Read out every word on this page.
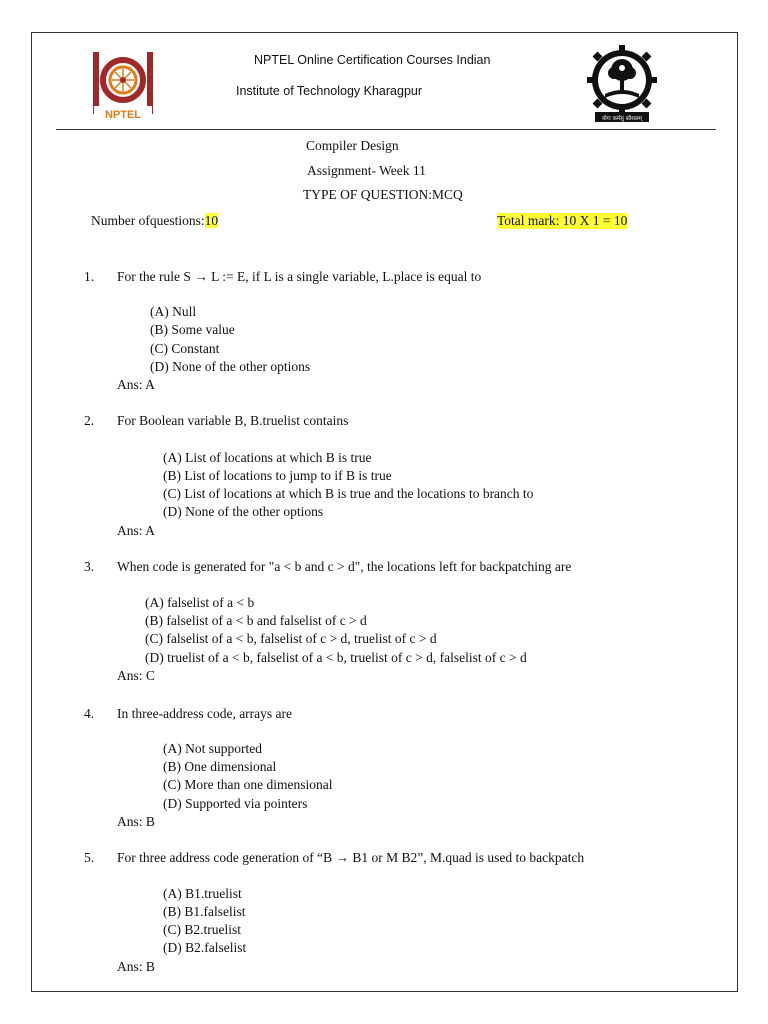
NPTEL	योगः कर्मसु कौशलम्
NPTEL Online Certification Courses Indian
Institute of Technology Kharagpur
Compiler Design
Assignment- Week 11
TYPE OF QUESTION:MCQ
Number ofquestions:10	Total mark: 10 X 1 = 10
1. For the rule S → L := E, if L is a single variable, L.place is equal to
(A) Null
(B) Some value
(C) Constant
(D) None of the other options
Ans: A
2. For Boolean variable B, B.truelist contains
(A) List of locations at which B is true
(B) List of locations to jump to if B is true
(C) List of locations at which B is true and the locations to branch to
(D) None of the other options
Ans: A
3. When code is generated for "a < b and c > d", the locations left for backpatching are
(A) falselist of a < b
(B) falselist of a < b and falselist of c > d
(C) falselist of a < b, falselist of c > d, truelist of c > d
(D) truelist of a < b, falselist of a < b, truelist of c > d, falselist of c > d
Ans: C
4. In three-address code, arrays are
(A) Not supported
(B) One dimensional
(C) More than one dimensional
(D) Supported via pointers
Ans: B
5. For three address code generation of “B → B1 or M B2”, M.quad is used to backpatch
(A) B1.truelist
(B) B1.falselist
(C) B2.truelist
(D) B2.falselist
Ans: B
